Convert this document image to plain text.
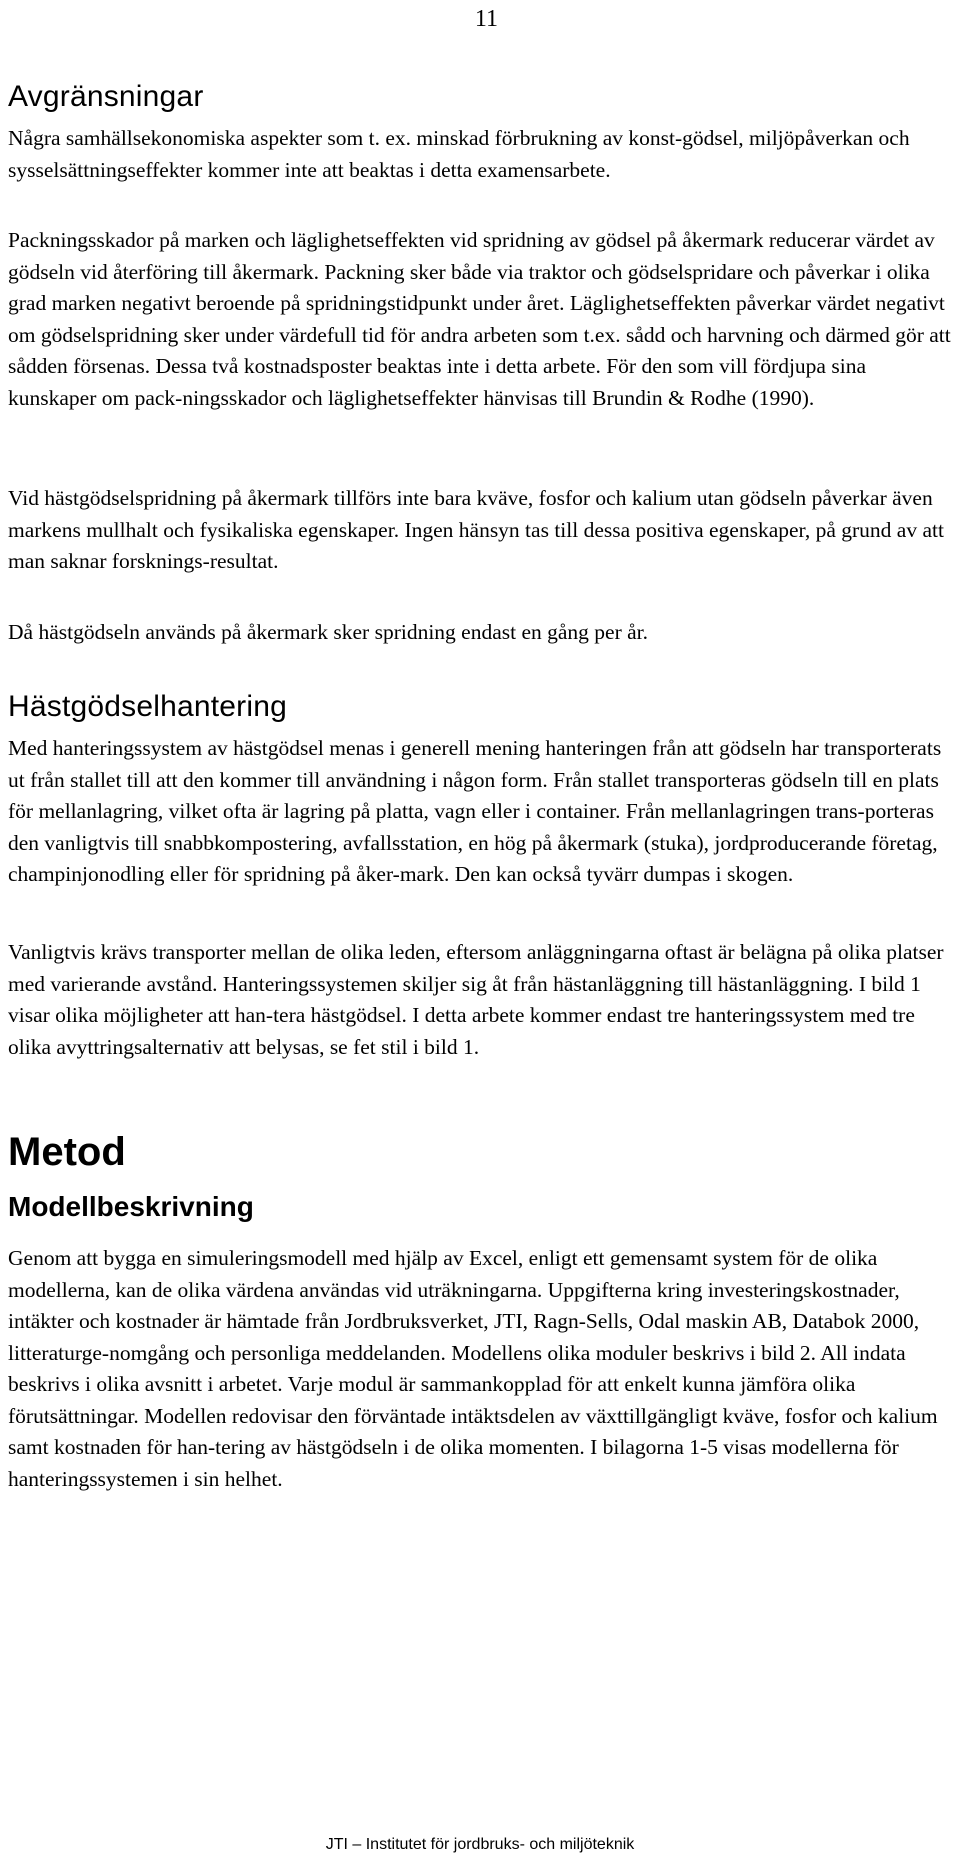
11
Avgränsningar

Några samhällsekonomiska aspekter som t. ex. minskad förbrukning av konst-gödsel, miljöpåverkan och sysselsättningseffekter kommer inte att beaktas i detta examensarbete.

Packningsskador på marken och läglighetseffekten vid spridning av gödsel på åkermark reducerar värdet av gödseln vid återföring till åkermark. Packning sker både via traktor och gödselspridare och påverkar i olika grad marken negativt beroende på spridningstidpunkt under året. Läglighetseffekten påverkar värdet negativt om gödselspridning sker under värdefull tid för andra arbeten som t.ex. sådd och harvning och därmed gör att sådden försenas. Dessa två kostnadsposter beaktas inte i detta arbete. För den som vill fördjupa sina kunskaper om pack-ningsskador och läglighetseffekter hänvisas till Brundin & Rodhe (1990).

Vid hästgödselspridning på åkermark tillförs inte bara kväve, fosfor och kalium utan gödseln påverkar även markens mullhalt och fysikaliska egenskaper. Ingen hänsyn tas till dessa positiva egenskaper, på grund av att man saknar forsknings-resultat.

Då hästgödseln används på åkermark sker spridning endast en gång per år.

Hästgödselhantering

Med hanteringssystem av hästgödsel menas i generell mening hanteringen från att gödseln har transporterats ut från stallet till att den kommer till användning i någon form. Från stallet transporteras gödseln till en plats för mellanlagring, vilket ofta är lagring på platta, vagn eller i container. Från mellanlagringen trans-porteras den vanligtvis till snabbkompostering, avfallsstation, en hög på åkermark (stuka), jordproducerande företag, champinjonodling eller för spridning på åker-mark. Den kan också tyvärr dumpas i skogen.

Vanligtvis krävs transporter mellan de olika leden, eftersom anläggningarna oftast är belägna på olika platser med varierande avstånd. Hanteringssystemen skiljer sig åt från hästanläggning till hästanläggning. I bild 1 visar olika möjligheter att han-tera hästgödsel. I detta arbete kommer endast tre hanteringssystem med tre olika avyttringsalternativ att belysas, se fet stil i bild 1.

Metod
Modellbeskrivning

Genom att bygga en simuleringsmodell med hjälp av Excel, enligt ett gemensamt system för de olika modellerna, kan de olika värdena användas vid uträkningarna. Uppgifterna kring investeringskostnader, intäkter och kostnader är hämtade från Jordbruksverket, JTI, Ragn-Sells, Odal maskin AB, Databok 2000, litteraturge-nomgång och personliga meddelanden. Modellens olika moduler beskrivs i bild 2. All indata beskrivs i olika avsnitt i arbetet. Varje modul är sammankopplad för att enkelt kunna jämföra olika förutsättningar. Modellen redovisar den förväntade intäktsdelen av växttillgängligt kväve, fosfor och kalium samt kostnaden för han-tering av hästgödseln i de olika momenten. I bilagorna 1-5 visas modellerna för hanteringssystemen i sin helhet.

JTI – Institutet för jordbruks- och miljöteknik
